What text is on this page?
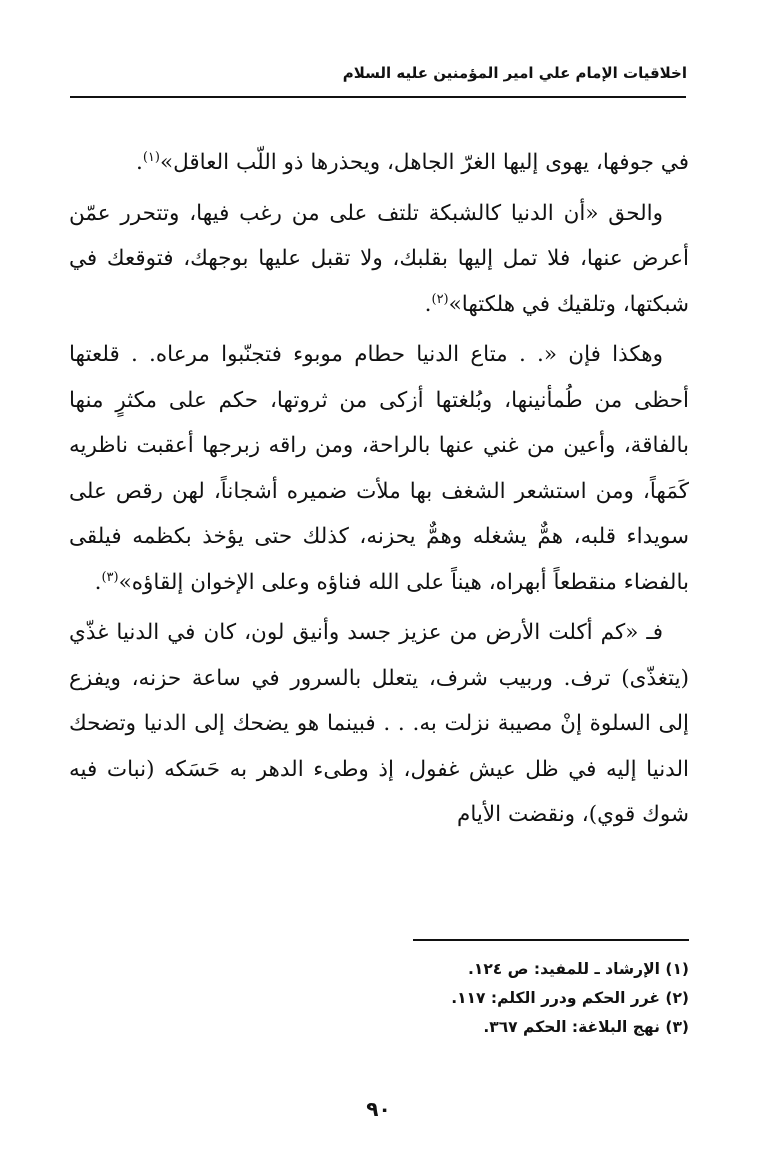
اخلاقيات الإمام علي امير المؤمنين عليه السلام

في جوفها، يهوى إليها الغرّ الجاهل، ويحذرها ذو اللّب العاقل»$^{(١)}$.

والحق «أن الدنيا كالشبكة تلتف على من رغب فيها، وتتحرر عمّن أعرض عنها، فلا تمل إليها بقلبك، ولا تقبل عليها بوجهك، فتوقعك في شبكتها، وتلقيك في هلكتها»$^{(٢)}$.

وهكذا فإن «. . متاع الدنيا حطام موبوء فتجنّبوا مرعاه. . قلعتها أحظى من طُمأنينها، وبُلغتها أزكى من ثروتها، حكم على مكثرٍ منها بالفاقة، وأعين من غني عنها بالراحة، ومن راقه زبرجها أعقبت ناظريه كَمَهاً، ومن استشعر الشغف بها ملأت ضميره أشجاناً، لهن رقص على سويداء قلبه، همٌّ يشغله وهمٌّ يحزنه، كذلك حتى يؤخذ بكظمه فيلقى بالفضاء منقطعاً أبهراه، هيناً على الله فناؤه وعلى الإخوان إلقاؤه»$^{(٣)}$.

فـ «كم أكلت الأرض من عزيز جسد وأنيق لون، كان في الدنيا غذّي (يتغذّى) ترف. وربيب شرف، يتعلل بالسرور في ساعة حزنه، ويفزع إلى السلوة إنْ مصيبة نزلت به. . . فبينما هو يضحك إلى الدنيا وتضحك الدنيا إليه في ظل عيش غفول، إذ وطىء الدهر به حَسَكه (نبات فيه شوك قوي)، ونقضت الأيام

(١) الإرشاد ـ للمفيد: ص ١٢٤.
(٢) غرر الحكم ودرر الكلم: ١١٧.
(٣) نهج البلاغة: الحكم ٣٦٧.
٩٠
